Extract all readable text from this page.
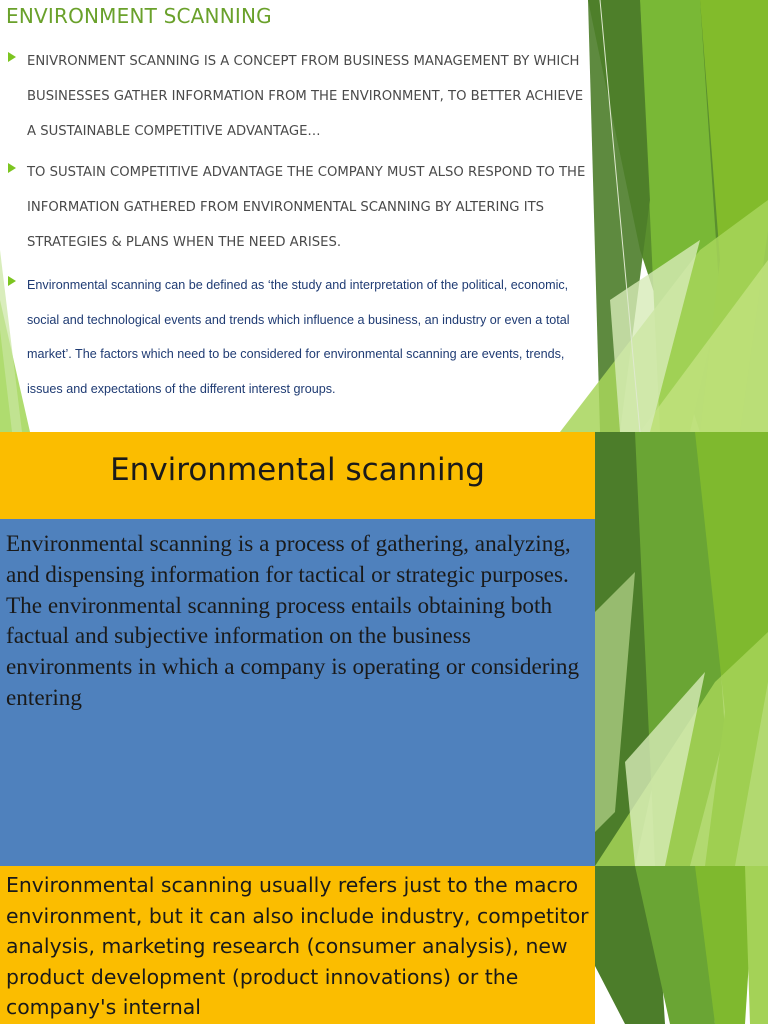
ENVIRONMENT SCANNING

ENIVRONMENT SCANNING IS A CONCEPT FROM BUSINESS MANAGEMENT BY WHICH BUSINESSES GATHER INFORMATION FROM THE ENVIRONMENT, TO BETTER ACHIEVE A SUSTAINABLE COMPETITIVE ADVANTAGE…

TO SUSTAIN COMPETITIVE ADVANTAGE THE COMPANY MUST ALSO RESPOND TO THE INFORMATION GATHERED FROM ENVIRONMENTAL SCANNING BY ALTERING ITS STRATEGIES & PLANS WHEN THE NEED ARISES.

Environmental scanning can be defined as ‘the study and interpretation of the political, economic, social and technological events and trends which influence a business, an industry or even a total market’. The factors which need to be considered for environmental scanning are events, trends, issues and expectations of the different interest groups.

Environmental scanning

Environmental scanning is a process of gathering, analyzing, and dispensing information for tactical or strategic purposes. The environmental scanning process entails obtaining both factual and subjective information on the business environments in which a company is operating or considering entering

Environmental scanning usually refers just to the macro environment, but it can also include industry, competitor analysis, marketing research (consumer analysis), new product development (product innovations) or the company's internal
